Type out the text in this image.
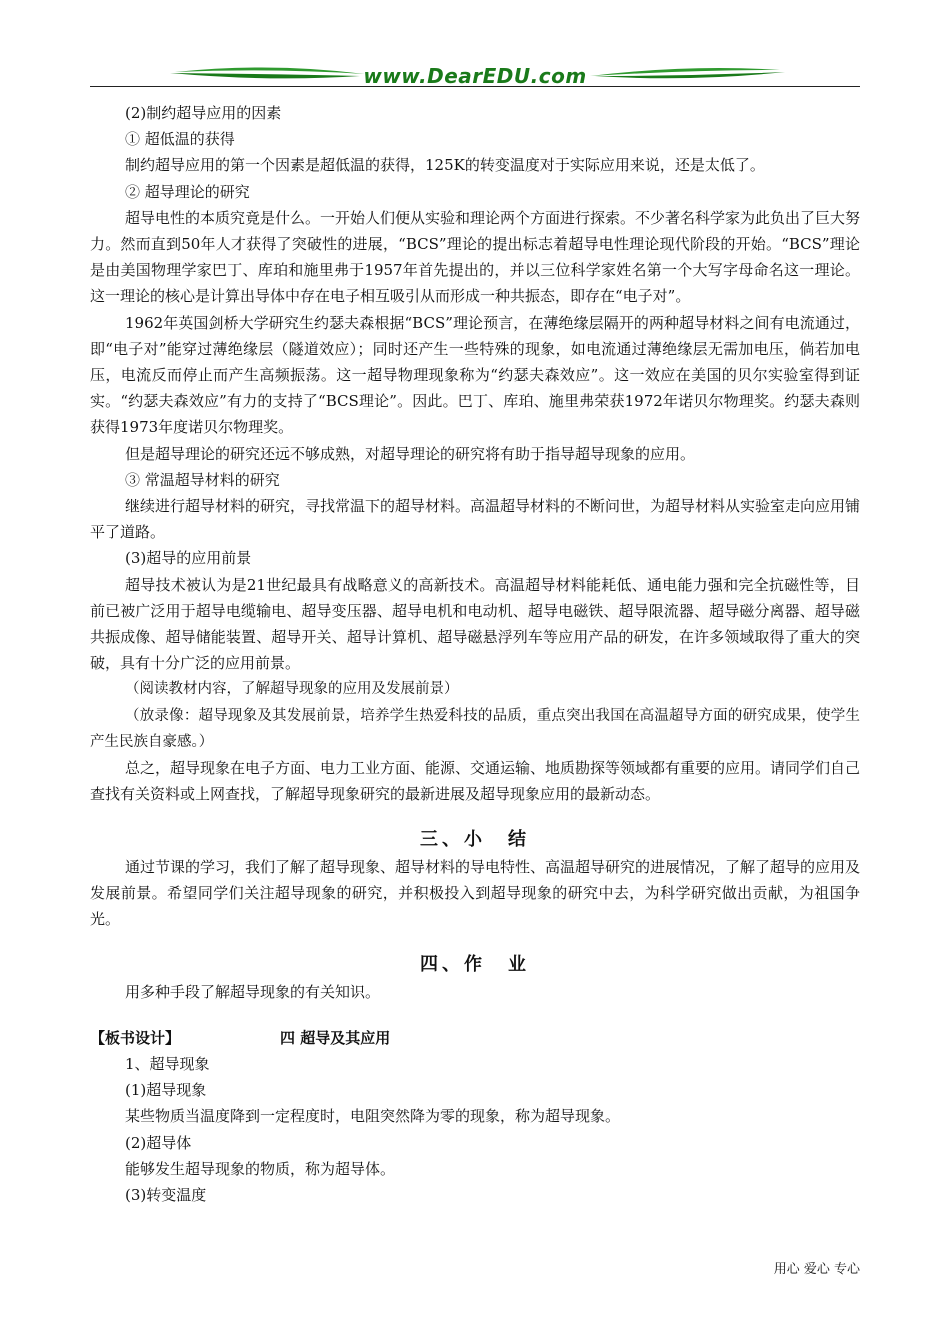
www.DearEDU.com

(2)制约超导应用的因素

① 超低温的获得

制约超导应用的第一个因素是超低温的获得，125K的转变温度对于实际应用来说，还是太低了。

② 超导理论的研究

超导电性的本质究竟是什么。一开始人们便从实验和理论两个方面进行探索。不少著名科学家为此负出了巨大努力。然而直到50年人才获得了突破性的进展，“BCS”理论的提出标志着超导电性理论现代阶段的开始。“BCS”理论是由美国物理学家巴丁、库珀和施里弗于1957年首先提出的，并以三位科学家姓名第一个大写字母命名这一理论。这一理论的核心是计算出导体中存在电子相互吸引从而形成一种共振态，即存在“电子对”。

1962年英国剑桥大学研究生约瑟夫森根据“BCS”理论预言，在薄绝缘层隔开的两种超导材料之间有电流通过，即“电子对”能穿过薄绝缘层（隧道效应）；同时还产生一些特殊的现象，如电流通过薄绝缘层无需加电压，倘若加电压，电流反而停止而产生高频振荡。这一超导物理现象称为“约瑟夫森效应”。这一效应在美国的贝尔实验室得到证实。“约瑟夫森效应”有力的支持了“BCS理论”。因此。巴丁、库珀、施里弗荣获1972年诺贝尔物理奖。约瑟夫森则获得1973年度诺贝尔物理奖。

但是超导理论的研究还远不够成熟，对超导理论的研究将有助于指导超导现象的应用。

③ 常温超导材料的研究

继续进行超导材料的研究，寻找常温下的超导材料。高温超导材料的不断问世，为超导材料从实验室走向应用铺平了道路。

(3)超导的应用前景

超导技术被认为是21世纪最具有战略意义的高新技术。高温超导材料能耗低、通电能力强和完全抗磁性等，目前已被广泛用于超导电缆输电、超导变压器、超导电机和电动机、超导电磁铁、超导限流器、超导磁分离器、超导磁共振成像、超导储能装置、超导开关、超导计算机、超导磁悬浮列车等应用产品的研发，在许多领域取得了重大的突破，具有十分广泛的应用前景。

（阅读教材内容，了解超导现象的应用及发展前景）

（放录像：超导现象及其发展前景，培养学生热爱科技的品质，重点突出我国在高温超导方面的研究成果，使学生产生民族自豪感。）

总之，超导现象在电子方面、电力工业方面、能源、交通运输、地质勘探等领域都有重要的应用。请同学们自己查找有关资料或上网查找，了解超导现象研究的最新进展及超导现象应用的最新动态。

三、小　结

通过节课的学习，我们了解了超导现象、超导材料的导电特性、高温超导研究的进展情况，了解了超导的应用及发展前景。希望同学们关注超导现象的研究，并积极投入到超导现象的研究中去，为科学研究做出贡献，为祖国争光。

四、作　业

用多种手段了解超导现象的有关知识。

【板书设计】	四 超导及其应用

1、超导现象

(1)超导现象

某些物质当温度降到一定程度时，电阻突然降为零的现象，称为超导现象。

(2)超导体

能够发生超导现象的物质，称为超导体。

(3)转变温度

用心 爱心 专心
